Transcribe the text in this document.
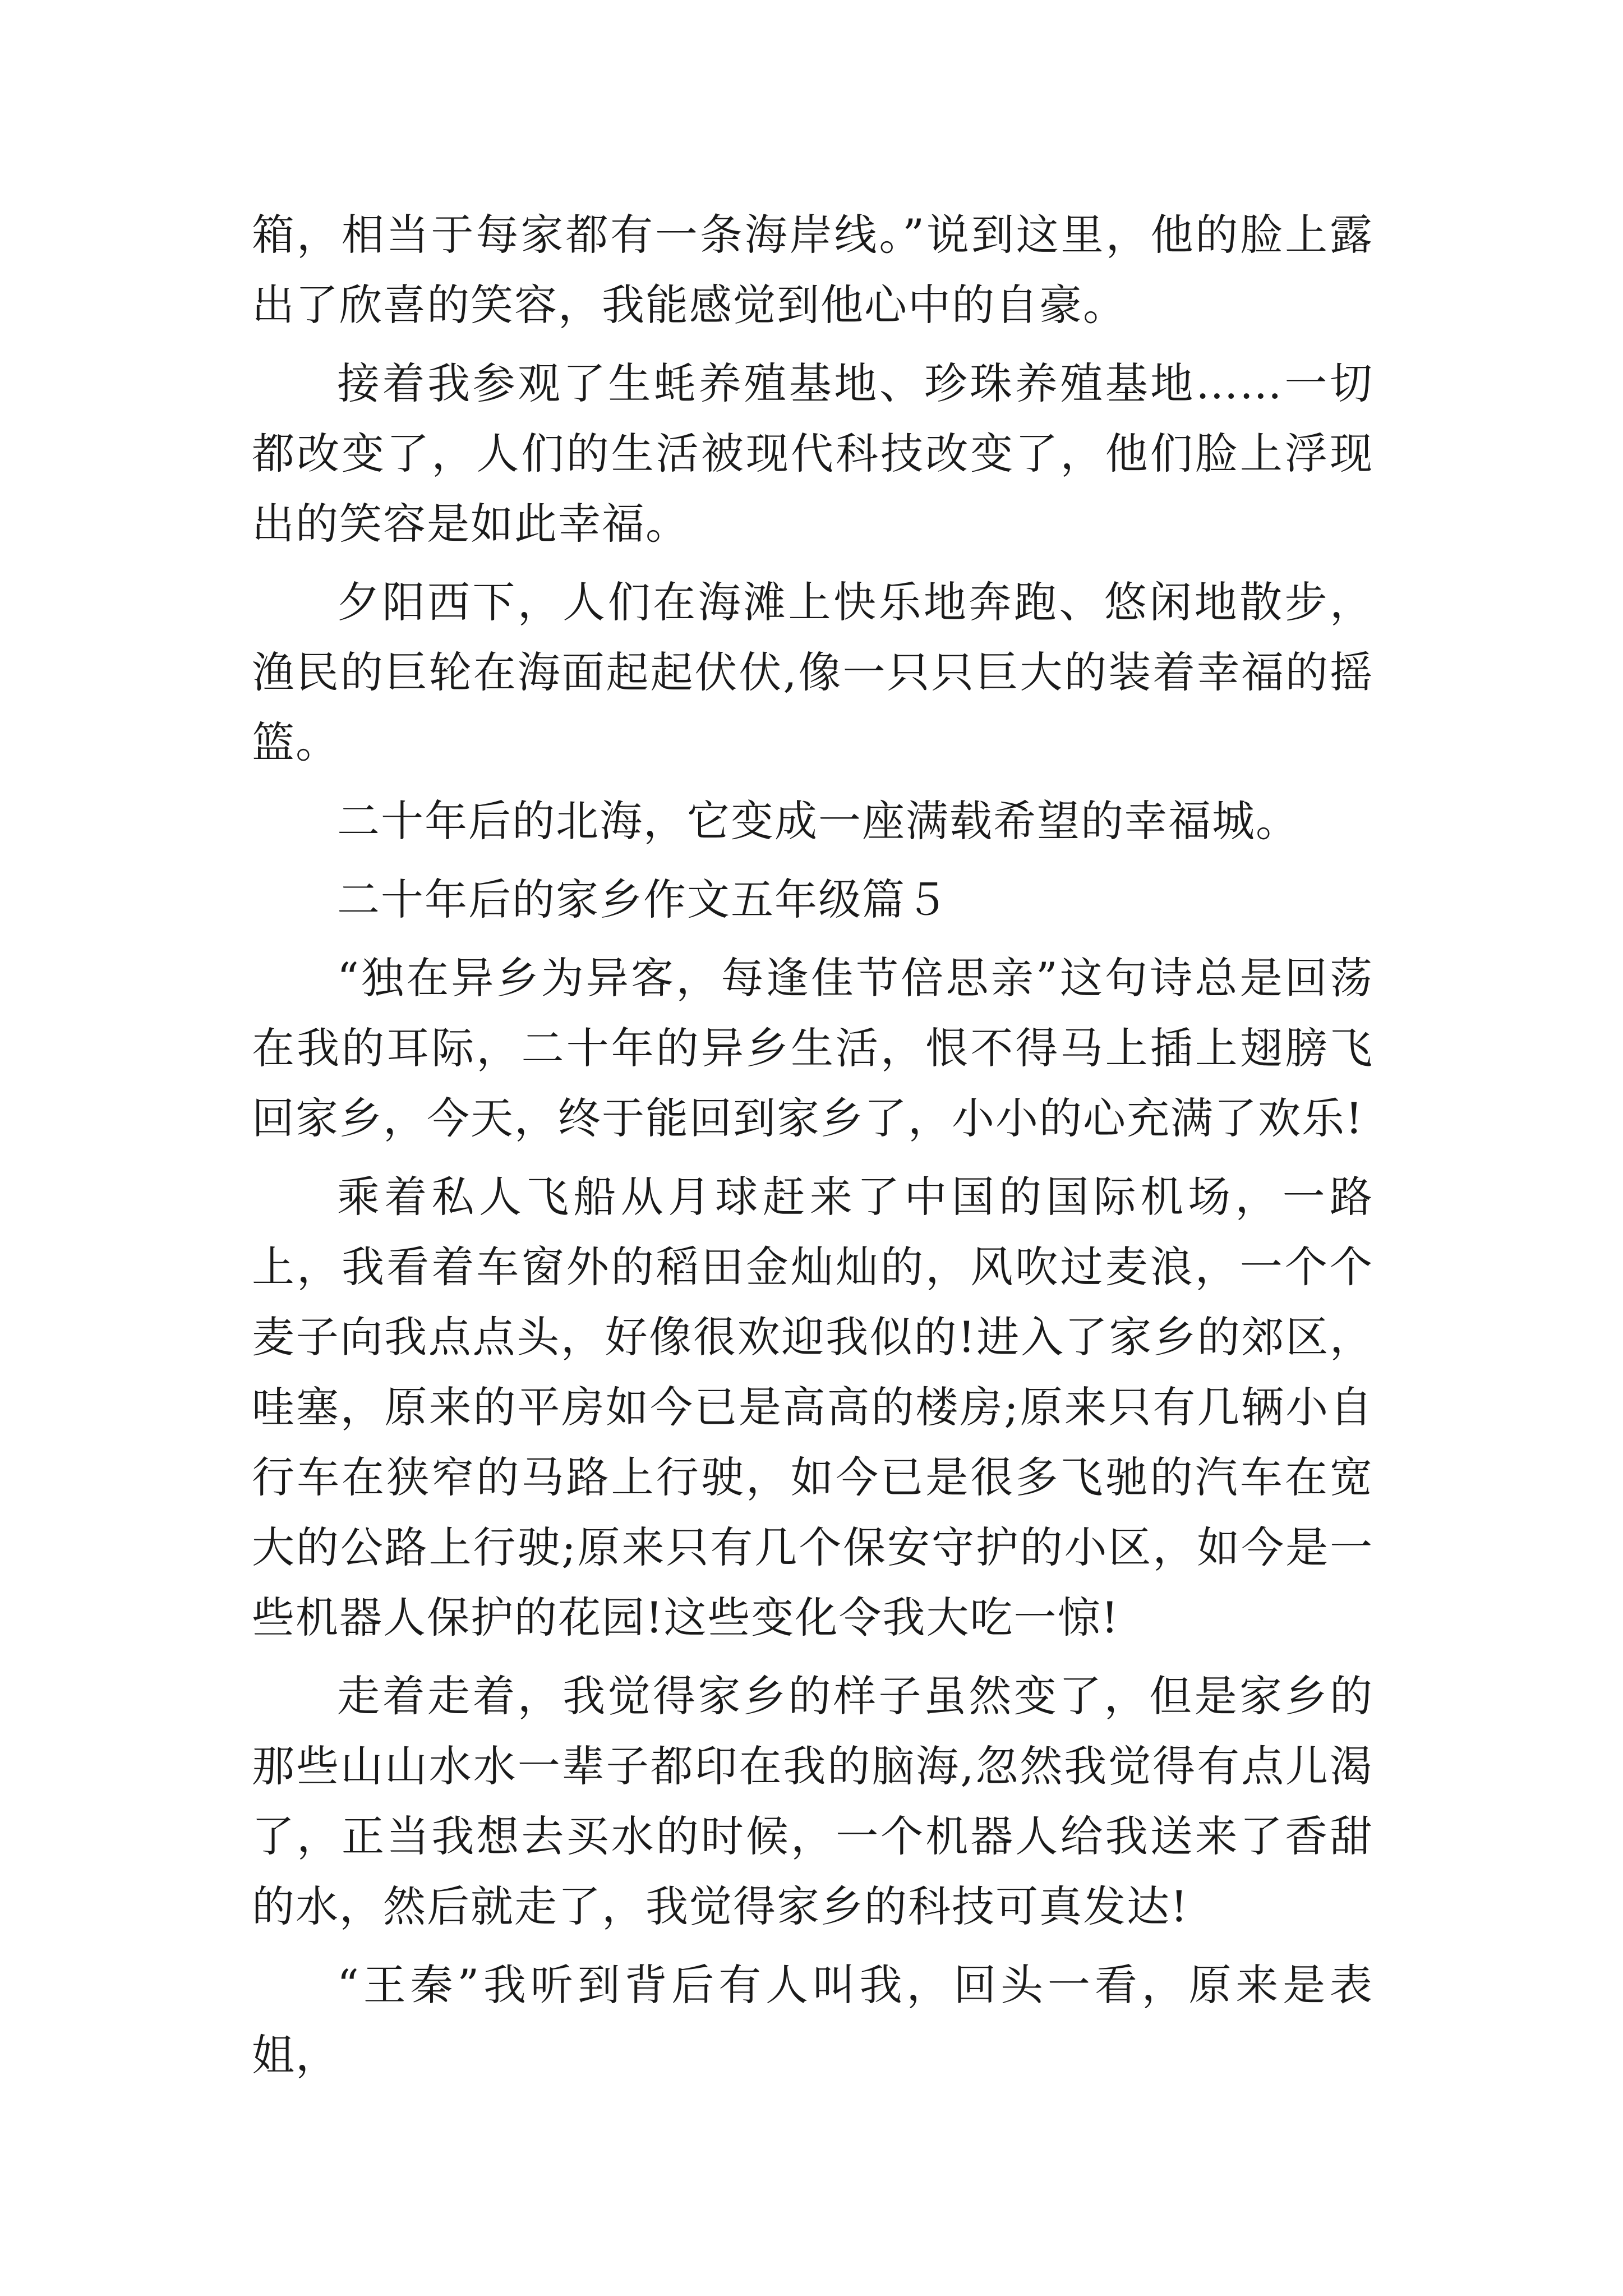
箱，相当于每家都有一条海岸线。”说到这里，他的脸上露出了欣喜的笑容，我能感觉到他心中的自豪。

接着我参观了生蚝养殖基地、珍珠养殖基地……一切都改变了，人们的生活被现代科技改变了，他们脸上浮现出的笑容是如此幸福。

夕阳西下，人们在海滩上快乐地奔跑、悠闲地散步，渔民的巨轮在海面起起伏伏,像一只只巨大的装着幸福的摇篮。

二十年后的北海，它变成一座满载希望的幸福城。

二十年后的家乡作文五年级篇５

“独在异乡为异客，每逢佳节倍思亲”这句诗总是回荡在我的耳际，二十年的异乡生活，恨不得马上插上翅膀飞回家乡，今天，终于能回到家乡了，小小的心充满了欢乐!

乘着私人飞船从月球赶来了中国的国际机场，一路上，我看着车窗外的稻田金灿灿的，风吹过麦浪，一个个麦子向我点点头，好像很欢迎我似的!进入了家乡的郊区，哇塞，原来的平房如今已是高高的楼房;原来只有几辆小自行车在狭窄的马路上行驶，如今已是很多飞驰的汽车在宽大的公路上行驶;原来只有几个保安守护的小区，如今是一些机器人保护的花园!这些变化令我大吃一惊!

走着走着，我觉得家乡的样子虽然变了，但是家乡的那些山山水水一辈子都印在我的脑海,忽然我觉得有点儿渴了，正当我想去买水的时候，一个机器人给我送来了香甜的水，然后就走了，我觉得家乡的科技可真发达!

“王秦”我听到背后有人叫我，回头一看，原来是表姐，
